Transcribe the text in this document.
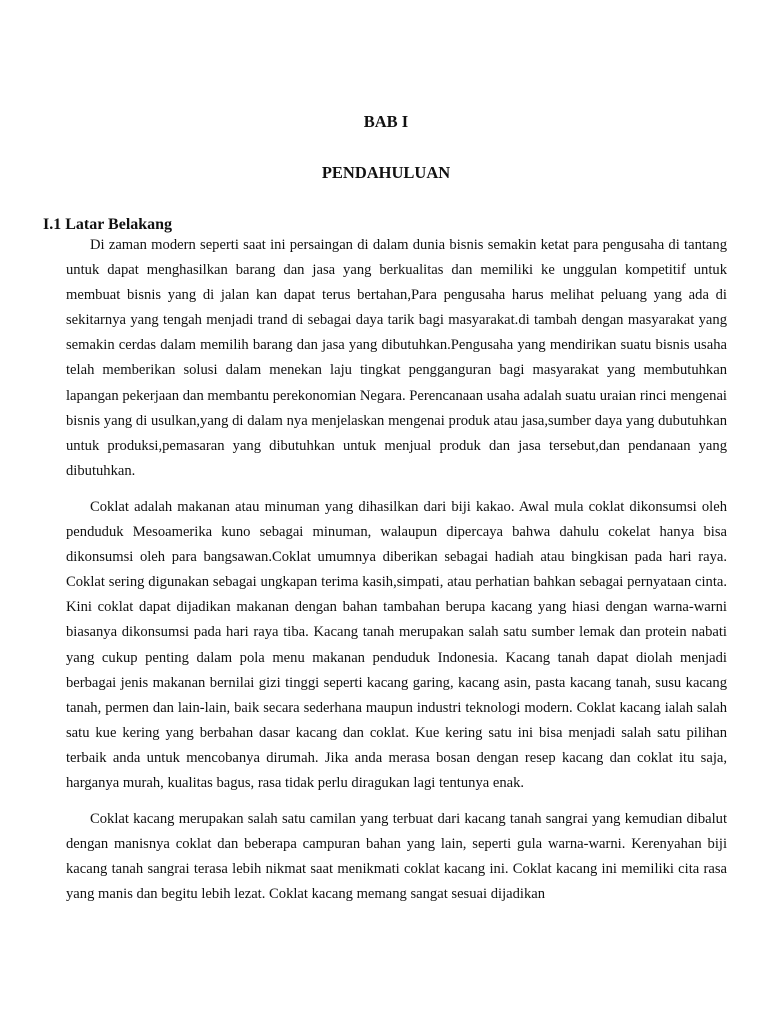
BAB I
PENDAHULUAN
I.1 Latar Belakang

Di zaman modern seperti saat ini persaingan di dalam dunia bisnis semakin ketat para pengusaha di tantang untuk dapat menghasilkan barang dan jasa yang berkualitas dan memiliki ke unggulan kompetitif untuk membuat bisnis yang di jalan kan dapat terus bertahan,Para pengusaha harus melihat peluang yang ada di sekitarnya yang tengah menjadi trand di sebagai daya tarik bagi masyarakat.di tambah dengan masyarakat yang semakin cerdas dalam memilih barang dan jasa yang dibutuhkan.Pengusaha yang mendirikan suatu bisnis usaha telah memberikan solusi dalam menekan laju tingkat pengganguran bagi masyarakat yang membutuhkan lapangan pekerjaan dan membantu perekonomian Negara. Perencanaan usaha adalah suatu uraian rinci mengenai bisnis yang di usulkan,yang di dalam nya menjelaskan mengenai produk atau jasa,sumber daya yang dubutuhkan untuk produksi,pemasaran yang dibutuhkan untuk menjual produk dan jasa tersebut,dan pendanaan yang dibutuhkan.

Coklat adalah makanan atau minuman yang dihasilkan dari biji kakao. Awal mula coklat dikonsumsi oleh penduduk Mesoamerika kuno sebagai minuman, walaupun dipercaya bahwa dahulu cokelat hanya bisa dikonsumsi oleh para bangsawan.Coklat umumnya diberikan sebagai hadiah atau bingkisan pada hari raya. Coklat sering digunakan sebagai ungkapan terima kasih,simpati, atau perhatian bahkan sebagai pernyataan cinta. Kini coklat dapat dijadikan makanan dengan bahan tambahan berupa kacang yang hiasi dengan warna-warni biasanya dikonsumsi pada hari raya tiba. Kacang tanah merupakan salah satu sumber lemak dan protein nabati yang cukup penting dalam pola menu makanan penduduk Indonesia. Kacang tanah dapat diolah menjadi berbagai jenis makanan bernilai gizi tinggi seperti kacang garing, kacang asin, pasta kacang tanah, susu kacang tanah, permen dan lain-lain, baik secara sederhana maupun industri teknologi modern. Coklat kacang ialah salah satu kue kering yang berbahan dasar kacang dan coklat. Kue kering satu ini bisa menjadi salah satu pilihan terbaik anda untuk mencobanya dirumah. Jika anda merasa bosan dengan resep kacang dan coklat itu saja, harganya murah, kualitas bagus, rasa tidak perlu diragukan lagi tentunya enak.

Coklat kacang merupakan salah satu camilan yang terbuat dari kacang tanah sangrai yang kemudian dibalut dengan manisnya coklat dan beberapa campuran bahan yang lain, seperti gula warna-warni. Kerenyahan biji kacang tanah sangrai terasa lebih nikmat saat menikmati coklat kacang ini. Coklat kacang ini memiliki cita rasa yang manis dan begitu lebih lezat. Coklat kacang memang sangat sesuai dijadikan
